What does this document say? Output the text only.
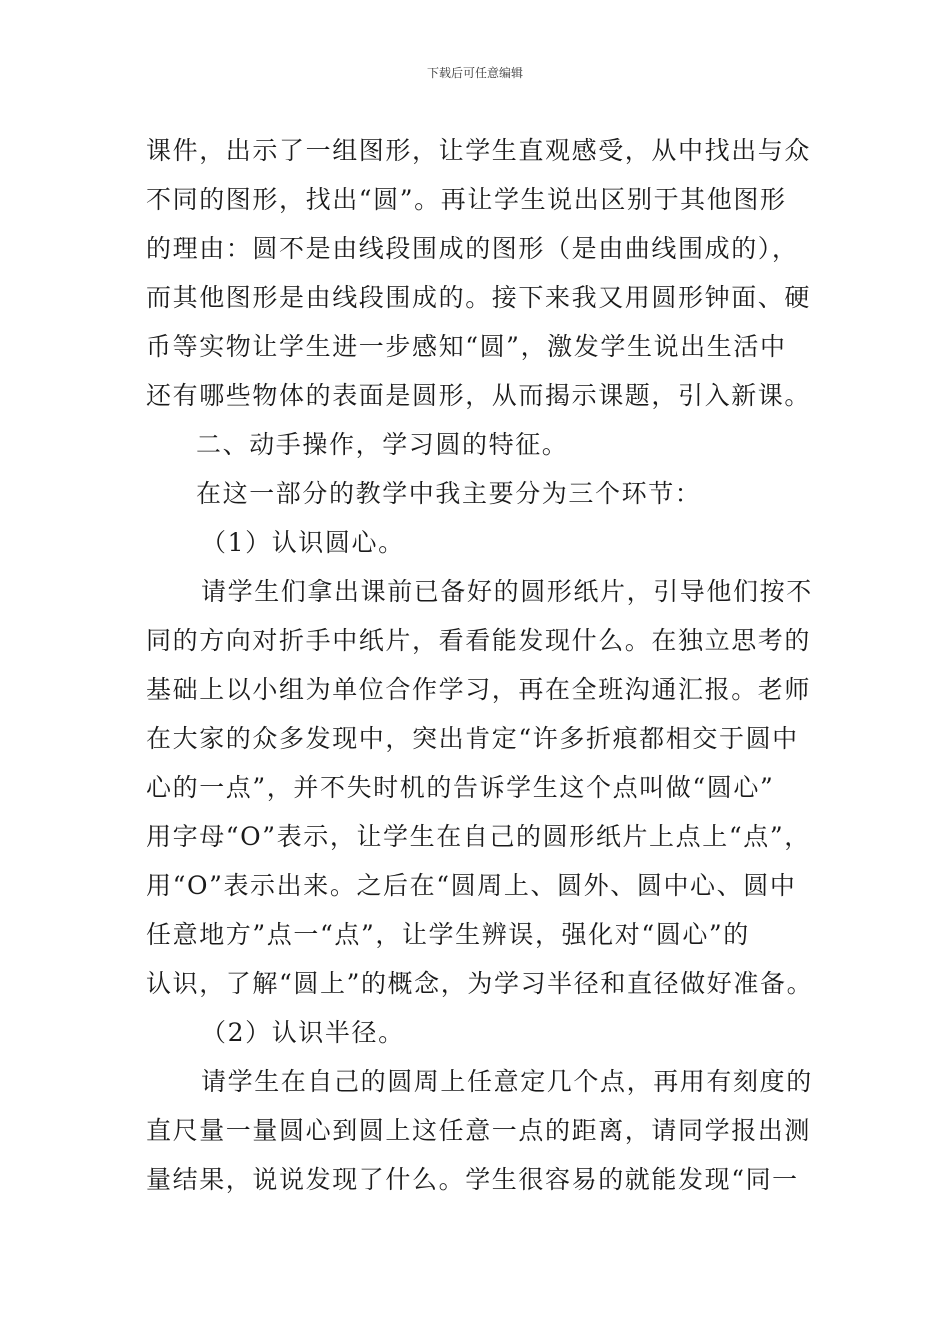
下载后可任意编辑
课件，出示了一组图形，让学生直观感受，从中找出与众
不同的图形，找出“圆”。再让学生说出区别于其他图形
的理由：圆不是由线段围成的图形（是由曲线围成的），
而其他图形是由线段围成的。接下来我又用圆形钟面、硬
币等实物让学生进一步感知“圆”，激发学生说出生活中
还有哪些物体的表面是圆形，从而揭示课题，引入新课。
二、动手操作，学习圆的特征。
在这一部分的教学中我主要分为三个环节：
（1）认识圆心。
请学生们拿出课前已备好的圆形纸片，引导他们按不
同的方向对折手中纸片，看看能发现什么。在独立思考的
基础上以小组为单位合作学习，再在全班沟通汇报。老师
在大家的众多发现中，突出肯定“许多折痕都相交于圆中
心的一点”，并不失时机的告诉学生这个点叫做“圆心”
用字母“O”表示，让学生在自己的圆形纸片上点上“点”，
用“O”表示出来。之后在“圆周上、圆外、圆中心、圆中
任意地方”点一“点”，让学生辨误，强化对“圆心”的
认识，了解“圆上”的概念，为学习半径和直径做好准备。
（2）认识半径。
请学生在自己的圆周上任意定几个点，再用有刻度的
直尺量一量圆心到圆上这任意一点的距离，请同学报出测
量结果，说说发现了什么。学生很容易的就能发现“同一
